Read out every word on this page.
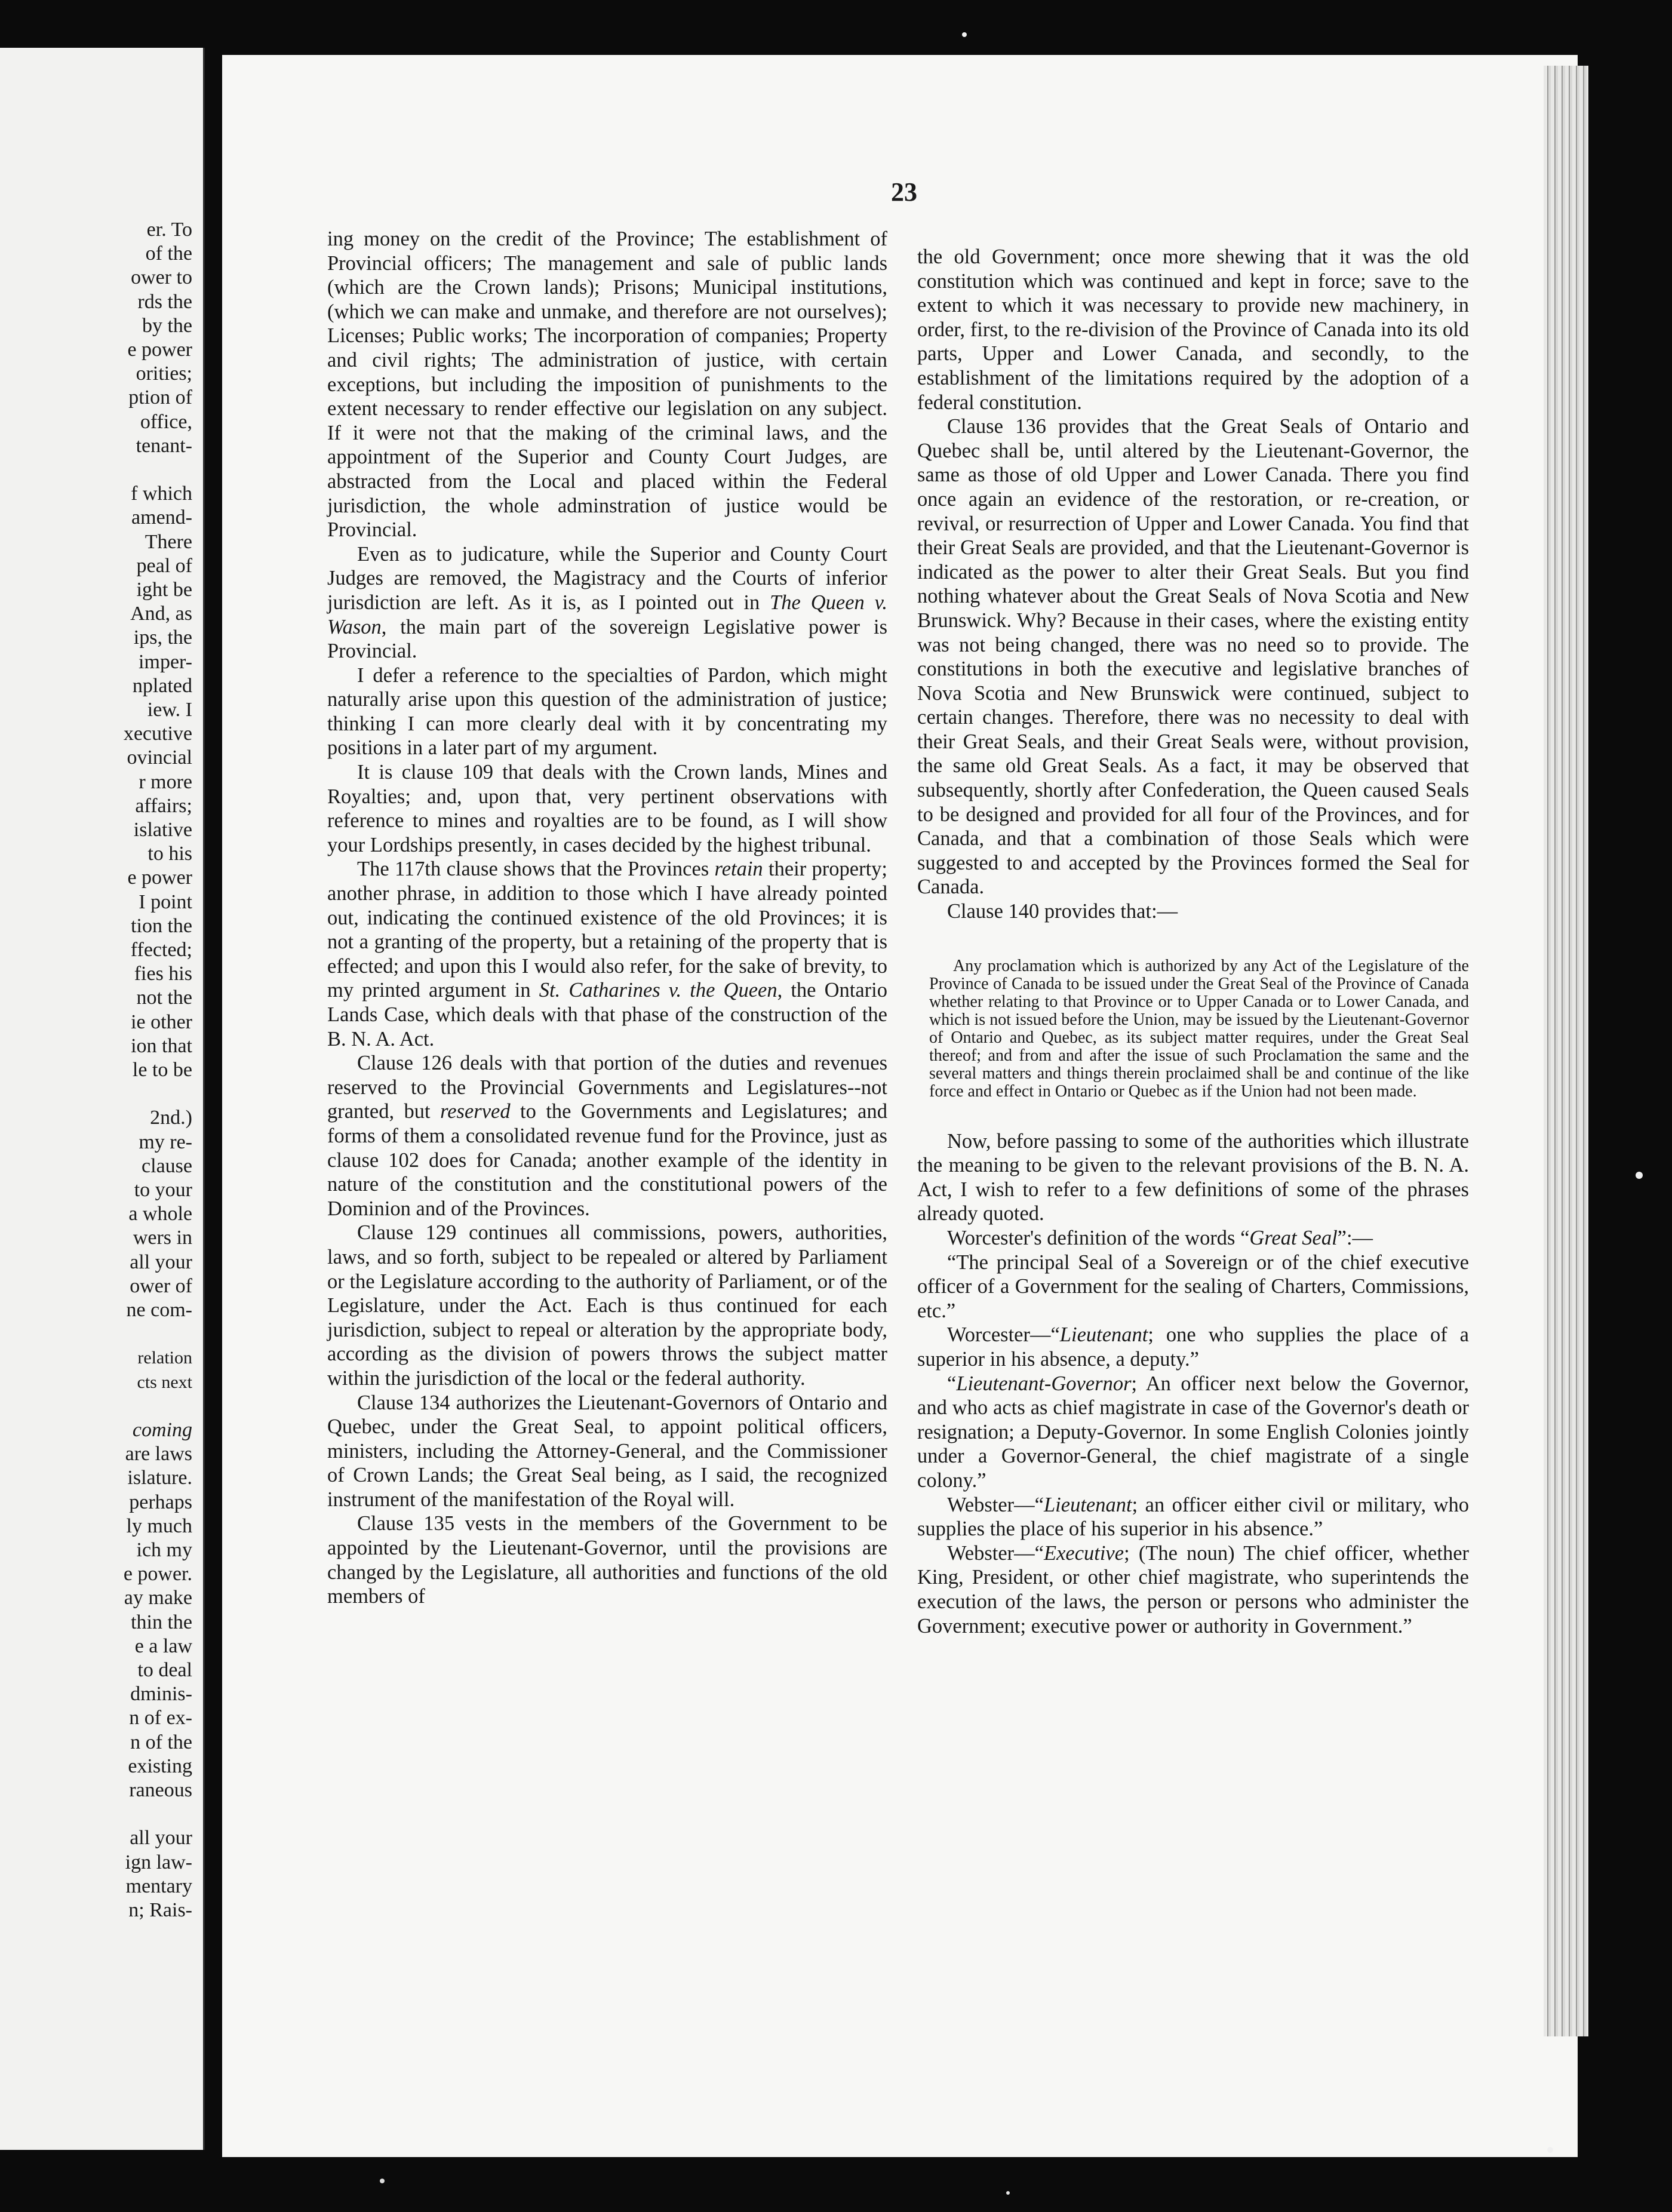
er. To

of the

ower to

rds the

by the

e power

orities;

ption of

office,

tenant-

f which

amend-

There

peal of

ight be

And, as

ips, the

imper-

nplated

iew. I

xecutive

ovincial

r more

affairs;

islative

to his

e power

I point

tion the

ffected;

fies his

not the

ie other

ion that

le to be

2nd.)

my re-

clause

to your

a whole

wers in

all your

ower of

ne com-

relation

cts next

coming

are laws

islature.

perhaps

ly much

ich my

e power.

ay make

thin the

e a law

to deal

dminis-

n of ex-

n of the

existing

raneous

all your

ign law-

mentary

n; Rais-

23

ing money on the credit of the Province; The establishment of Provincial officers; The management and sale of public lands (which are the Crown lands); Prisons; Municipal institutions, (which we can make and unmake, and therefore are not ourselves); Licenses; Public works; The incorporation of companies; Property and civil rights; The administration of justice, with certain exceptions, but including the imposition of punishments to the extent necessary to render effective our legislation on any subject. If it were not that the making of the criminal laws, and the appointment of the Superior and County Court Judges, are abstracted from the Local and placed within the Federal jurisdiction, the whole adminstration of justice would be Provincial.

Even as to judicature, while the Superior and County Court Judges are removed, the Magistracy and the Courts of inferior jurisdiction are left. As it is, as I pointed out in The Queen v. Wason, the main part of the sovereign Legislative power is Provincial.

I defer a reference to the specialties of Pardon, which might naturally arise upon this question of the administration of justice; thinking I can more clearly deal with it by concentrating my positions in a later part of my argument.

It is clause 109 that deals with the Crown lands, Mines and Royalties; and, upon that, very pertinent observations with reference to mines and royalties are to be found, as I will show your Lordships presently, in cases decided by the highest tribunal.

The 117th clause shows that the Provinces retain their property; another phrase, in addition to those which I have already pointed out, indicating the continued existence of the old Provinces; it is not a granting of the property, but a retaining of the property that is effected; and upon this I would also refer, for the sake of brevity, to my printed argument in St. Catharines v. the Queen, the Ontario Lands Case, which deals with that phase of the construction of the B. N. A. Act.

Clause 126 deals with that portion of the duties and revenues reserved to the Provincial Governments and Legislatures--not granted, but reserved to the Governments and Legislatures; and forms of them a consolidated revenue fund for the Province, just as clause 102 does for Canada; another example of the identity in nature of the constitution and the constitutional powers of the Dominion and of the Provinces.

Clause 129 continues all commissions, powers, authorities, laws, and so forth, subject to be repealed or altered by Parliament or the Legislature according to the authority of Parliament, or of the Legislature, under the Act. Each is thus continued for each jurisdiction, subject to repeal or alteration by the appropriate body, according as the division of powers throws the subject matter within the jurisdiction of the local or the federal authority.

Clause 134 authorizes the Lieutenant-Governors of Ontario and Quebec, under the Great Seal, to appoint political officers, ministers, including the Attorney-General, and the Commissioner of Crown Lands; the Great Seal being, as I said, the recognized instrument of the manifestation of the Royal will.

Clause 135 vests in the members of the Government to be appointed by the Lieutenant-Governor, until the provisions are changed by the Legislature, all authorities and functions of the old members of

the old Government; once more shewing that it was the old constitution which was continued and kept in force; save to the extent to which it was necessary to provide new machinery, in order, first, to the re-division of the Province of Canada into its old parts, Upper and Lower Canada, and secondly, to the establishment of the limitations required by the adoption of a federal constitution.

Clause 136 provides that the Great Seals of Ontario and Quebec shall be, until altered by the Lieutenant-Governor, the same as those of old Upper and Lower Canada. There you find once again an evidence of the restoration, or re-creation, or revival, or resurrection of Upper and Lower Canada. You find that their Great Seals are provided, and that the Lieutenant-Governor is indicated as the power to alter their Great Seals. But you find nothing whatever about the Great Seals of Nova Scotia and New Brunswick. Why? Because in their cases, where the existing entity was not being changed, there was no need so to provide. The constitutions in both the executive and legislative branches of Nova Scotia and New Brunswick were continued, subject to certain changes. Therefore, there was no necessity to deal with their Great Seals, and their Great Seals were, without provision, the same old Great Seals. As a fact, it may be observed that subsequently, shortly after Confederation, the Queen caused Seals to be designed and provided for all four of the Provinces, and for Canada, and that a combination of those Seals which were suggested to and accepted by the Provinces formed the Seal for Canada.

Clause 140 provides that:—

Any proclamation which is authorized by any Act of the Legislature of the Province of Canada to be issued under the Great Seal of the Province of Canada whether relating to that Province or to Upper Canada or to Lower Canada, and which is not issued before the Union, may be issued by the Lieutenant-Governor of Ontario and Quebec, as its subject matter requires, under the Great Seal thereof; and from and after the issue of such Proclamation the same and the several matters and things therein proclaimed shall be and continue of the like force and effect in Ontario or Quebec as if the Union had not been made.

Now, before passing to some of the authorities which illustrate the meaning to be given to the relevant provisions of the B. N. A. Act, I wish to refer to a few definitions of some of the phrases already quoted.

Worcester's definition of the words “Great Seal”:—

“The principal Seal of a Sovereign or of the chief executive officer of a Government for the sealing of Charters, Commissions, etc.”

Worcester—“Lieutenant; one who supplies the place of a superior in his absence, a deputy.”

“Lieutenant-Governor; An officer next below the Governor, and who acts as chief magistrate in case of the Governor's death or resignation; a Deputy-Governor. In some English Colonies jointly under a Governor-General, the chief magistrate of a single colony.”

Webster—“Lieutenant; an officer either civil or military, who supplies the place of his superior in his absence.”

Webster—“Executive; (The noun) The chief officer, whether King, President, or other chief magistrate, who superintends the execution of the laws, the person or persons who administer the Government; executive power or authority in Government.”
